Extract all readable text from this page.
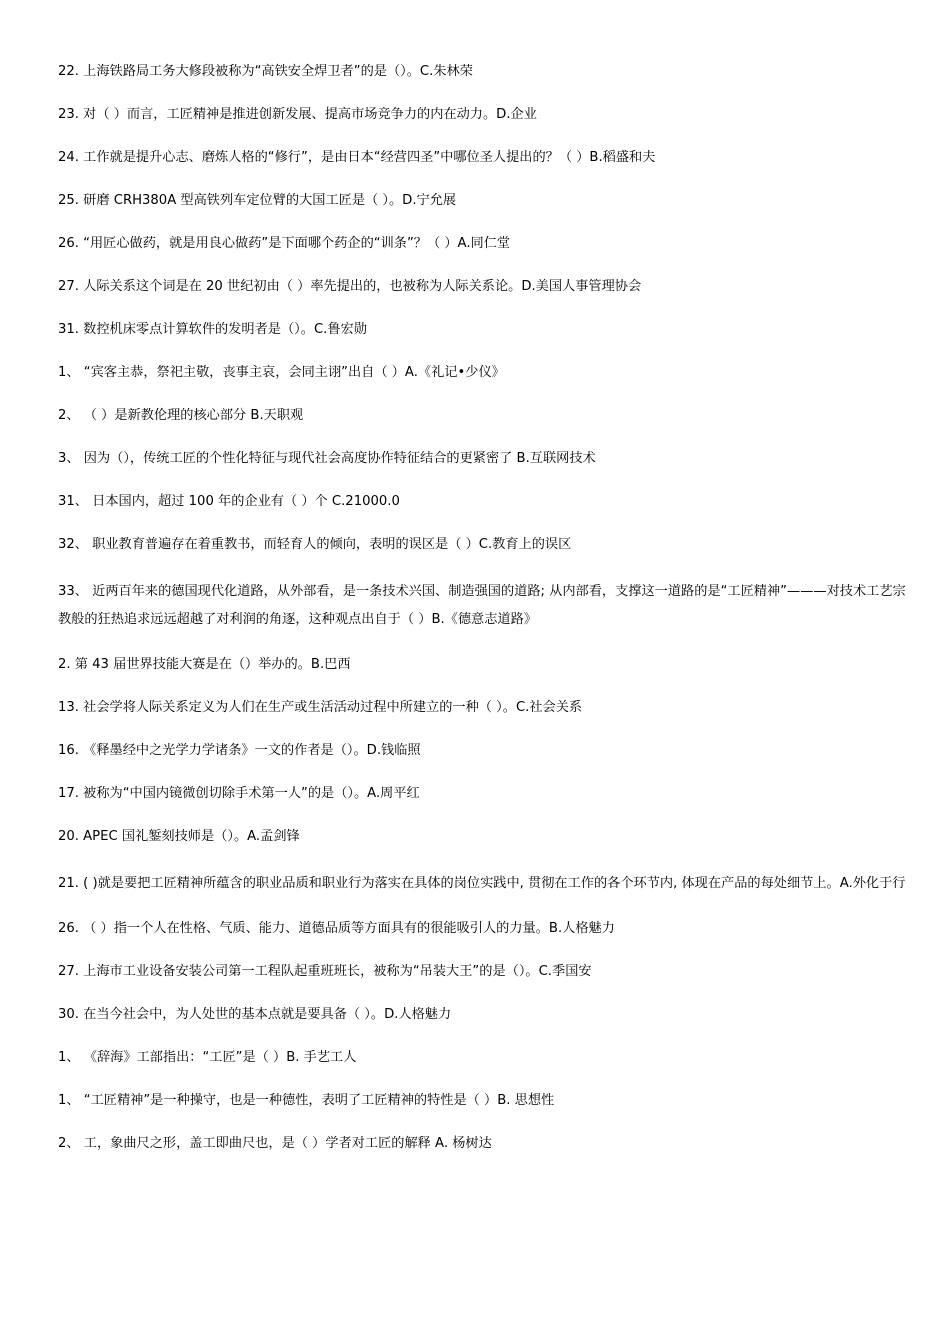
22. 上海铁路局工务大修段被称为“高铁安全焊卫者”的是（）。C.朱林荣

23. 对（ ）而言，工匠精神是推进创新发展、提高市场竞争力的内在动力。D.企业

24. 工作就是提升心志、磨炼人格的“修行”，是由日本“经营四圣”中哪位圣人提出的？（ ）B.稻盛和夫

25. 研磨 CRH380A 型高铁列车定位臂的大国工匠是（ ）。D.宁允展

26. “用匠心做药，就是用良心做药”是下面哪个药企的“训条”？（ ）A.同仁堂

27. 人际关系这个词是在 20 世纪初由（ ）率先提出的，也被称为人际关系论。D.美国人事管理协会

31. 数控机床零点计算软件的发明者是（）。C.鲁宏勋

1、 “宾客主恭，祭祀主敬，丧事主哀，会同主诩”出自（ ）A.《礼记•少仪》

2、 （ ）是新教伦理的核心部分 B.天职观

3、 因为（），传统工匠的个性化特征与现代社会高度协作特征结合的更紧密了 B.互联网技术

31、 日本国内，超过 100 年的企业有（ ）个 C.21000.0

32、 职业教育普遍存在着重教书，而轻育人的倾向，表明的误区是（ ）C.教育上的误区

33、 近两百年来的德国现代化道路，从外部看，是一条技术兴国、制造强国的道路; 从内部看，支撑这一道路的是“工匠精神”———对技术工艺宗教般的狂热追求远远超越了对利润的角逐，这种观点出自于（ ）B.《德意志道路》

2. 第 43 届世界技能大赛是在（）举办的。B.巴西

13. 社会学将人际关系定义为人们在生产或生活活动过程中所建立的一种（ ）。C.社会关系

16. 《释墨经中之光学力学诸条》一文的作者是（）。D.钱临照

17. 被称为“中国内镜微创切除手术第一人”的是（）。A.周平红

20. APEC 国礼錾刻技师是（）。A.孟剑锋

21. ( )就是要把工匠精神所蕴含的职业品质和职业行为落实在具体的岗位实践中, 贯彻在工作的各个环节内, 体现在产品的每处细节上。A.外化于行

26. （ ）指一个人在性格、气质、能力、道德品质等方面具有的很能吸引人的力量。B.人格魅力

27. 上海市工业设备安装公司第一工程队起重班班长，被称为“吊装大王”的是（）。C.季国安

30. 在当今社会中，为人处世的基本点就是要具备（ ）。D.人格魅力

1、 《辞海》工部指出：“工匠”是（ ）B. 手艺工人

1、 “工匠精神”是一种操守，也是一种德性，表明了工匠精神的特性是（ ）B. 思想性

2、 工，象曲尺之形，盖工即曲尺也，是（ ）学者对工匠的解释 A. 杨树达
